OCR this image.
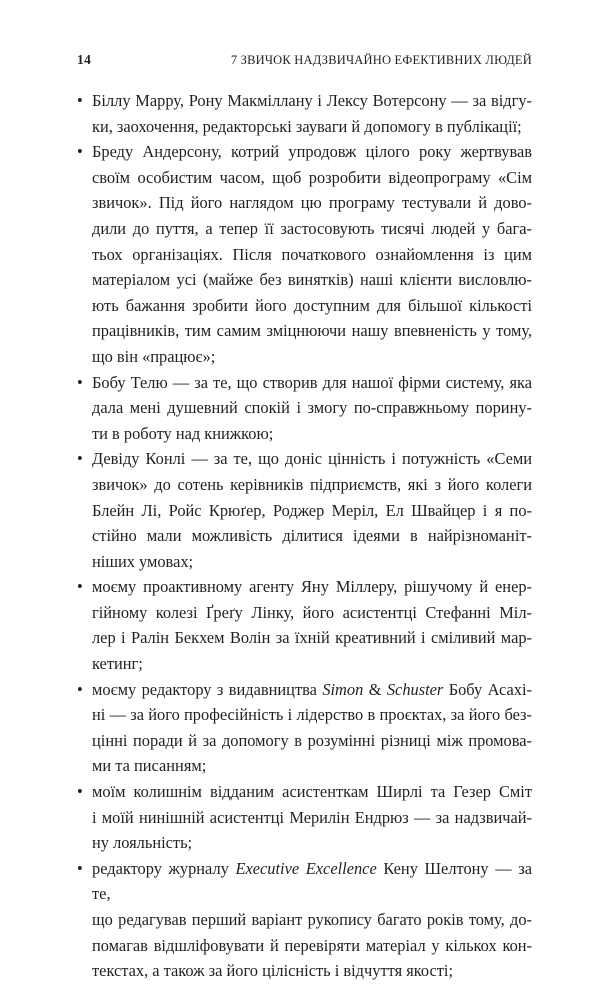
14	7 ЗВИЧОК НАДЗВИЧАЙНО ЕФЕКТИВНИХ ЛЮДЕЙ
• Біллу Марру, Рону Макміллану і Лексу Вотерсону — за відгу-
ки, заохочення, редакторські зауваги й допомогу в публікації;
• Бреду Андерсону, котрий упродовж цілого року жертвував
своїм особистим часом, щоб розробити відеопрограму «Сім
звичок». Під його наглядом цю програму тестували й дово-
дили до пуття, а тепер її застосовують тисячі людей у бага-
тьох організаціях. Після початкового ознайомлення із цим
матеріалом усі (майже без винятків) наші клієнти висловлю-
ють бажання зробити його доступним для більшої кількості
працівників, тим самим зміцнюючи нашу впевненість у тому,
що він «працює»;
• Бобу Телю — за те, що створив для нашої фірми систему, яка
дала мені душевний спокій і змогу по-справжньому порину-
ти в роботу над книжкою;
• Девіду Конлі — за те, що доніс цінність і потужність «Семи
звичок» до сотень керівників підприємств, які з його колеги
Блейн Лі, Ройс Крюґер, Роджер Меріл, Ел Швайцер і я по-
стійно мали можливість ділитися ідеями в найрізноманіт-
ніших умовах;
• моєму проактивному агенту Яну Міллеру, рішучому й енер-
гійному колезі Ґреґу Лінку, його асистентці Стефанні Міл-
лер і Ралін Бекхем Волін за їхній креативний і сміливий мар-
кетинг;
• моєму редактору з видавництва Simon & Schuster Бобу Асахі-
ні — за його професійність і лідерство в проєктах, за його без-
цінні поради й за допомогу в розумінні різниці між промова-
ми та писанням;
• моїм колишнім відданим асистенткам Ширлі та Гезер Сміт
і моїй нинішній асистентці Мерилін Ендрюз — за надзвичай-
ну лояльність;
• редактору журналу Executive Excellence Кену Шелтону — за те,
що редагував перший варіант рукопису багато років тому, до-
помагав відшліфовувати й перевіряти матеріал у кількох кон-
текстах, а також за його цілісність і відчуття якості;
